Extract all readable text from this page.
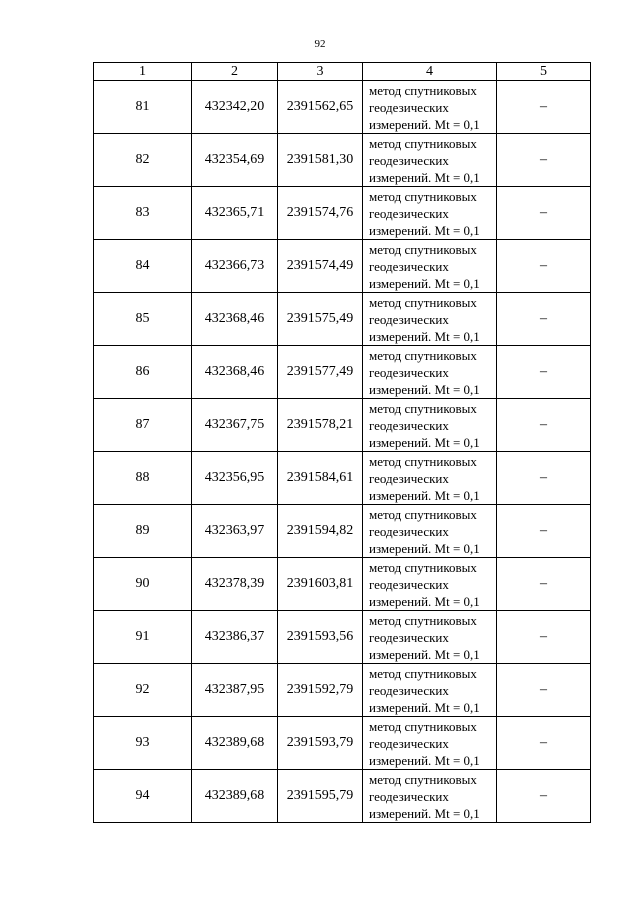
92
1	2	3	4	5
81	432342,20	2391562,65	метод спутниковых
геодезических
измерений. Mt = 0,1	–
82	432354,69	2391581,30	метод спутниковых
геодезических
измерений. Mt = 0,1	–
83	432365,71	2391574,76	метод спутниковых
геодезических
измерений. Mt = 0,1	–
84	432366,73	2391574,49	метод спутниковых
геодезических
измерений. Mt = 0,1	–
85	432368,46	2391575,49	метод спутниковых
геодезических
измерений. Mt = 0,1	–
86	432368,46	2391577,49	метод спутниковых
геодезических
измерений. Mt = 0,1	–
87	432367,75	2391578,21	метод спутниковых
геодезических
измерений. Mt = 0,1	–
88	432356,95	2391584,61	метод спутниковых
геодезических
измерений. Mt = 0,1	–
89	432363,97	2391594,82	метод спутниковых
геодезических
измерений. Mt = 0,1	–
90	432378,39	2391603,81	метод спутниковых
геодезических
измерений. Mt = 0,1	–
91	432386,37	2391593,56	метод спутниковых
геодезических
измерений. Mt = 0,1	–
92	432387,95	2391592,79	метод спутниковых
геодезических
измерений. Mt = 0,1	–
93	432389,68	2391593,79	метод спутниковых
геодезических
измерений. Mt = 0,1	–
94	432389,68	2391595,79	метод спутниковых
геодезических
измерений. Mt = 0,1	–
